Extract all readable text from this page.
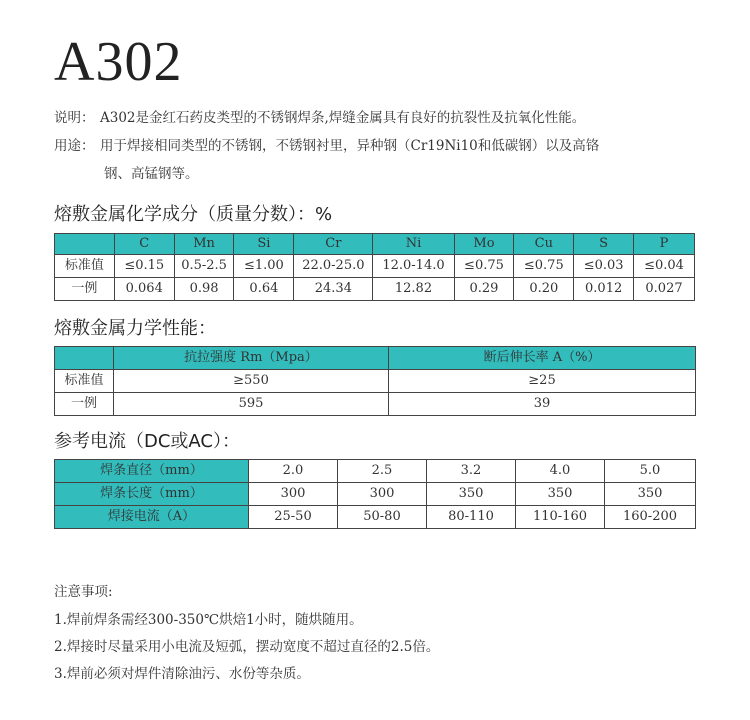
A302
说明： A302是金红石药皮类型的不锈钢焊条,焊缝金属具有良好的抗裂性及抗氧化性能。
用途： 用于焊接相同类型的不锈钢，不锈钢衬里，异种钢（Cr19Ni10和低碳钢）以及高铬
钢、高锰钢等。
熔敷金属化学成分（质量分数）：%
	C	Mn	Si	Cr	Ni	Mo	Cu	S	P
标准值	≤0.15	0.5-2.5	≤1.00	22.0-25.0	12.0-14.0	≤0.75	≤0.75	≤0.03	≤0.04
一例	0.064	0.98	0.64	24.34	12.82	0.29	0.20	0.012	0.027
熔敷金属力学性能：
	抗拉强度 Rm（Mpa）	断后伸长率 A（%）
标准值	≥550	≥25
一例	595	39
参考电流（DC或AC）：
焊条直径（mm）	2.0	2.5	3.2	4.0	5.0
焊条长度（mm）	300	300	350	350	350
焊接电流（A）	25-50	50-80	80-110	110-160	160-200
注意事项:
1.焊前焊条需经300-350℃烘焙1小时，随烘随用。
2.焊接时尽量采用小电流及短弧，摆动宽度不超过直径的2.5倍。
3.焊前必须对焊件清除油污、水份等杂质。
